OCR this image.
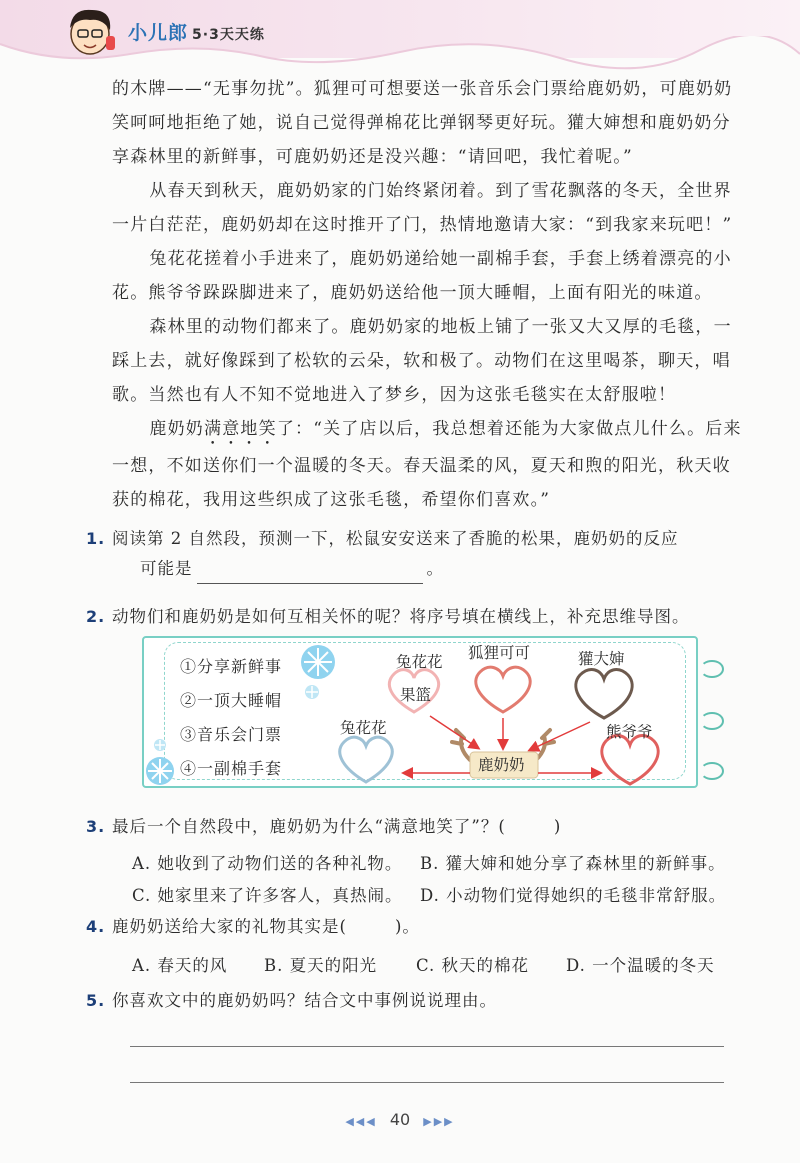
小儿郎 5·3天天练

的木牌——“无事勿扰”。狐狸可可想要送一张音乐会门票给鹿奶奶，可鹿奶奶笑呵呵地拒绝了她，说自己觉得弹棉花比弹钢琴更好玩。獾大婶想和鹿奶奶分享森林里的新鲜事，可鹿奶奶还是没兴趣：“请回吧，我忙着呢。”

从春天到秋天，鹿奶奶家的门始终紧闭着。到了雪花飘落的冬天，全世界一片白茫茫，鹿奶奶却在这时推开了门，热情地邀请大家：“到我家来玩吧！”

兔花花搓着小手进来了，鹿奶奶递给她一副棉手套，手套上绣着漂亮的小花。熊爷爷跺跺脚进来了，鹿奶奶送给他一顶大睡帽，上面有阳光的味道。

森林里的动物们都来了。鹿奶奶家的地板上铺了一张又大又厚的毛毯，一踩上去，就好像踩到了松软的云朵，软和极了。动物们在这里喝茶，聊天，唱歌。当然也有人不知不觉地进入了梦乡，因为这张毛毯实在太舒服啦！

鹿奶奶满意地笑了：“关了店以后，我总想着还能为大家做点儿什么。后来一想，不如送你们一个温暖的冬天。春天温柔的风，夏天和煦的阳光，秋天收获的棉花，我用这些织成了这张毛毯，希望你们喜欢。”

1. 阅读第 2 自然段，预测一下，松鼠安安送来了香脆的松果，鹿奶奶的反应
可能是	。
2. 动物们和鹿奶奶是如何互相关怀的呢？将序号填在横线上，补充思维导图。
①分享新鲜事
②一顶大睡帽
③音乐会门票
④一副棉手套
兔花花
果篮
狐狸可可	獾大婶
兔花花	熊爷爷
鹿奶奶
3. 最后一个自然段中，鹿奶奶为什么“满意地笑了”？(	)
A. 她收到了动物们送的各种礼物。 B. 獾大婶和她分享了森林里的新鲜事。
C. 她家里来了许多客人，真热闹。 D. 小动物们觉得她织的毛毯非常舒服。
4. 鹿奶奶送给大家的礼物其实是(	)。
A. 春天的风 B. 夏天的阳光 C. 秋天的棉花 D. 一个温暖的冬天
5. 你喜欢文中的鹿奶奶吗？结合文中事例说说理由。
◀◀◀ 40 ▶▶▶
